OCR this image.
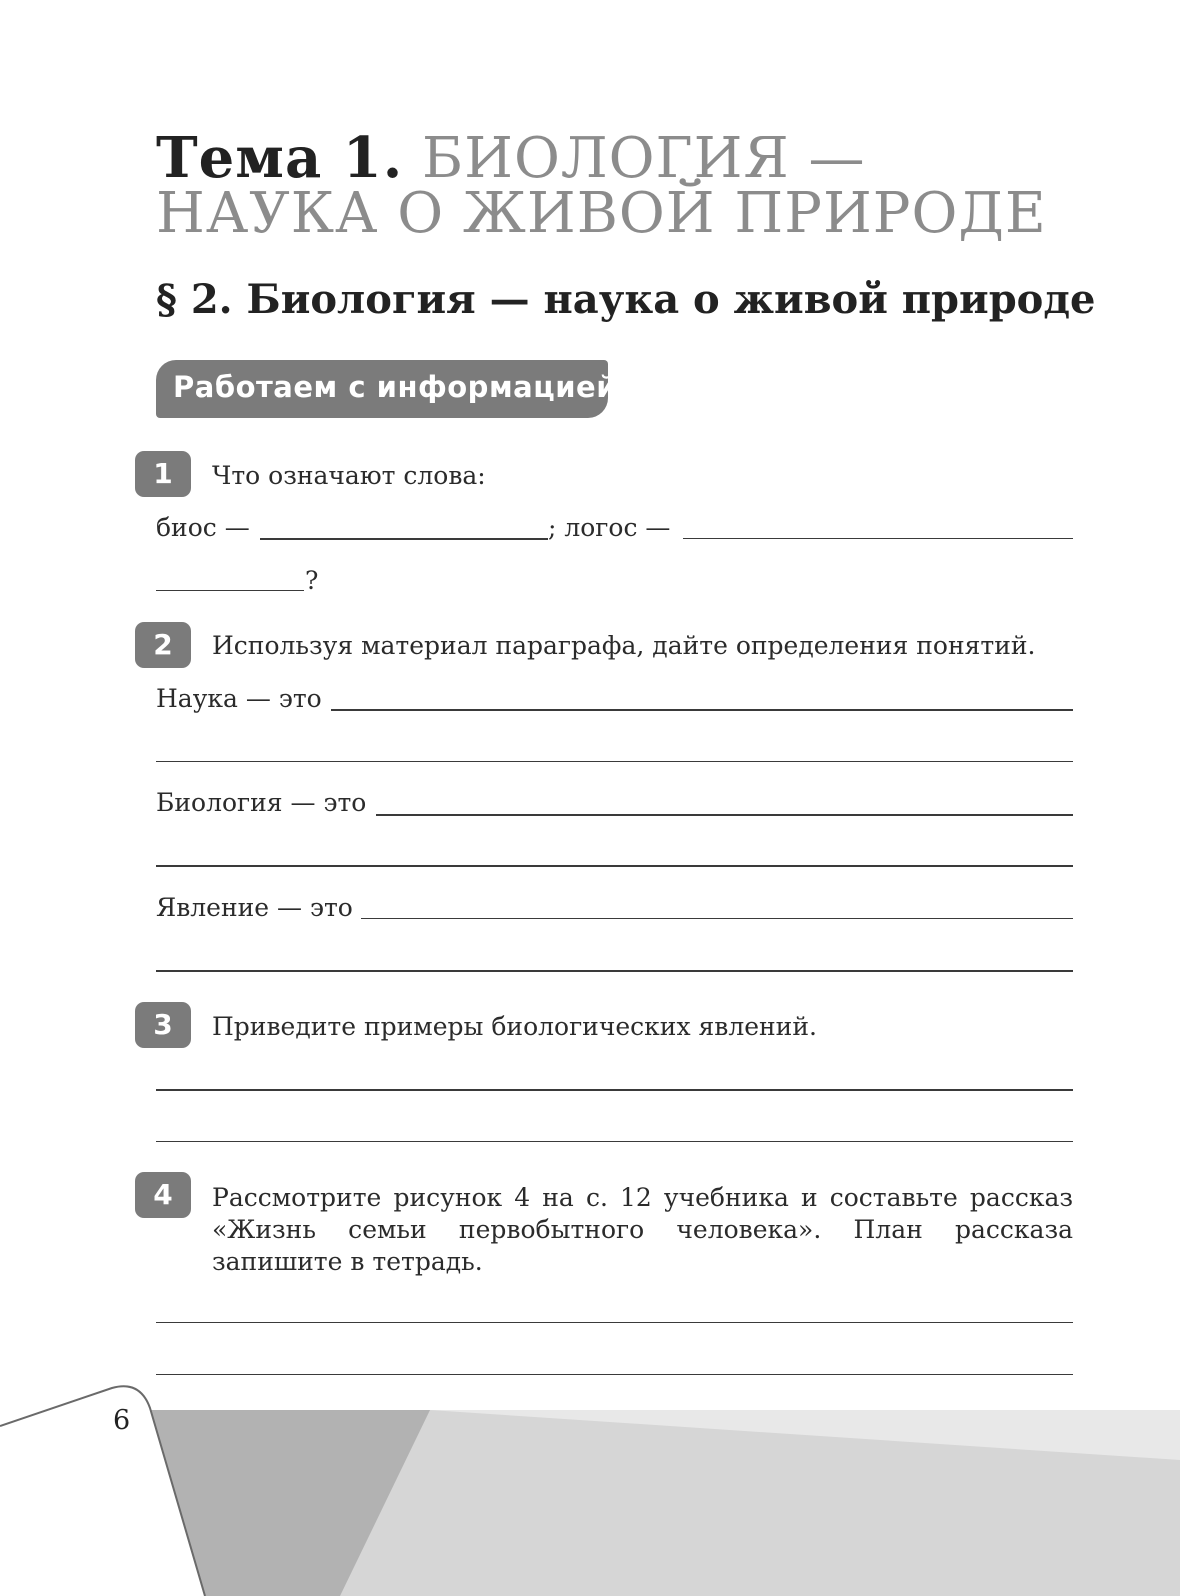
Тема 1. БИОЛОГИЯ —
НАУКА О ЖИВОЙ ПРИРОДЕ
§ 2. Биология — наука о живой природе
Работаем с информацией
1	Что означают слова:
биос —	; логос —
?
2	Используя материал параграфа, дайте определения понятий.
Наука — это
Биология — это
Явление — это
3	Приведите примеры биологических явлений.
4	Рассмотрите рисунок 4 на с. 12 учебника и составьте рассказ «Жизнь семьи первобытного человека». План рассказа запишите в тетрадь.
6
